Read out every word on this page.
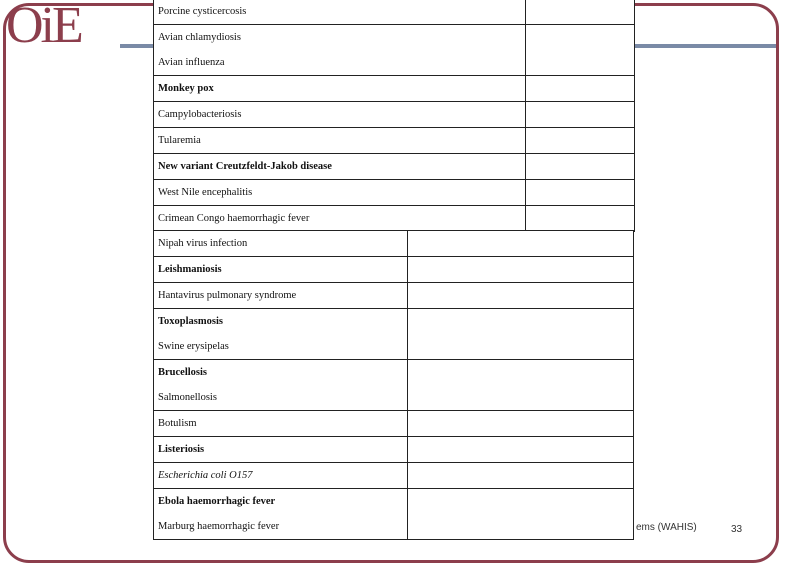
OiE	Porcine cysticercosis	

Avian chlamydiosis
Avian influenza	

Monkey pox	

Campylobacteriosis	

Tularemia	

New variant Creutzfeldt-Jakob disease	

West Nile encephalitis	

Crimean Congo haemorrhagic fever	

Nipah virus infection	

Leishmaniosis	

Hantavirus pulmonary syndrome	

Toxoplasmosis
Swine erysipelas	

Brucellosis
Salmonellosis	

Botulism	

Listeriosis	

Escherichia coli O157	

Ebola haemorrhagic fever
Marburg haemorrhagic fever	
		ems (WAHIS)	33
